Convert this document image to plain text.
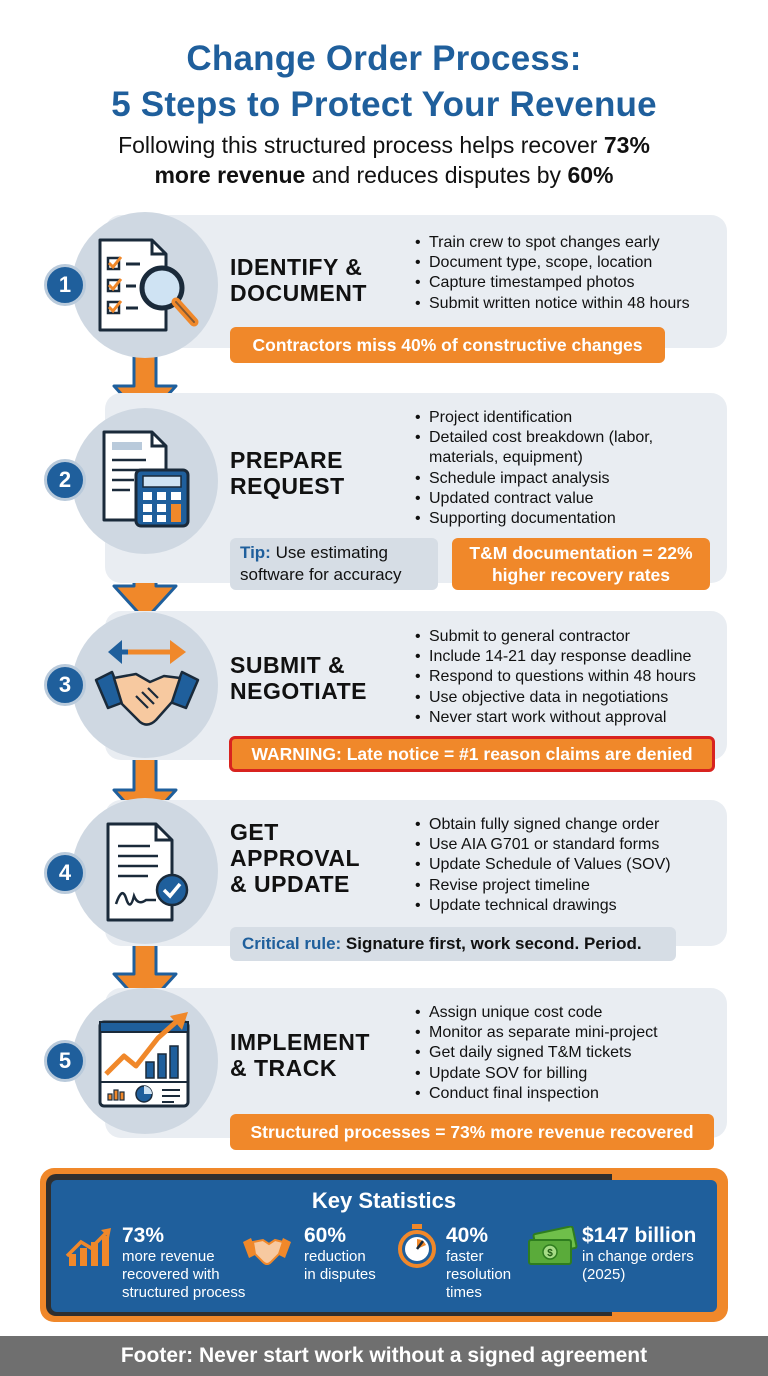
Change Order Process:
5 Steps to Protect Your Revenue
Following this structured process helps recover 73%
more revenue and reduces disputes by 60%
1
IDENTIFY &
DOCUMENT
• Train crew to spot changes early
• Document type, scope, location
• Capture timestamped photos
• Submit written notice within 48 hours
Contractors miss 40% of constructive changes
2
PREPARE
REQUEST
• Project identification
• Detailed cost breakdown (labor,
materials, equipment)
• Schedule impact analysis
• Updated contract value
• Supporting documentation
Tip: Use estimating
software for accuracy
T&M documentation = 22%
higher recovery rates
3
SUBMIT &
NEGOTIATE
• Submit to general contractor
• Include 14-21 day response deadline
• Respond to questions within 48 hours
• Use objective data in negotiations
• Never start work without approval
WARNING: Late notice = #1 reason claims are denied
4
GET
APPROVAL
& UPDATE
• Obtain fully signed change order
• Use AIA G701 or standard forms
• Update Schedule of Values (SOV)
• Revise project timeline
• Update technical drawings
Critical rule: Signature first, work second. Period.
5
IMPLEMENT
& TRACK
• Assign unique cost code
• Monitor as separate mini-project
• Get daily signed T&M tickets
• Update SOV for billing
• Conduct final inspection
Structured processes = 73% more revenue recovered
Key Statistics
73%
more revenue
recovered with
structured process
60%
reduction
in disputes
40%
faster
resolution
times
$
$147 billion
in change orders
(2025)
Footer: Never start work without a signed agreement
